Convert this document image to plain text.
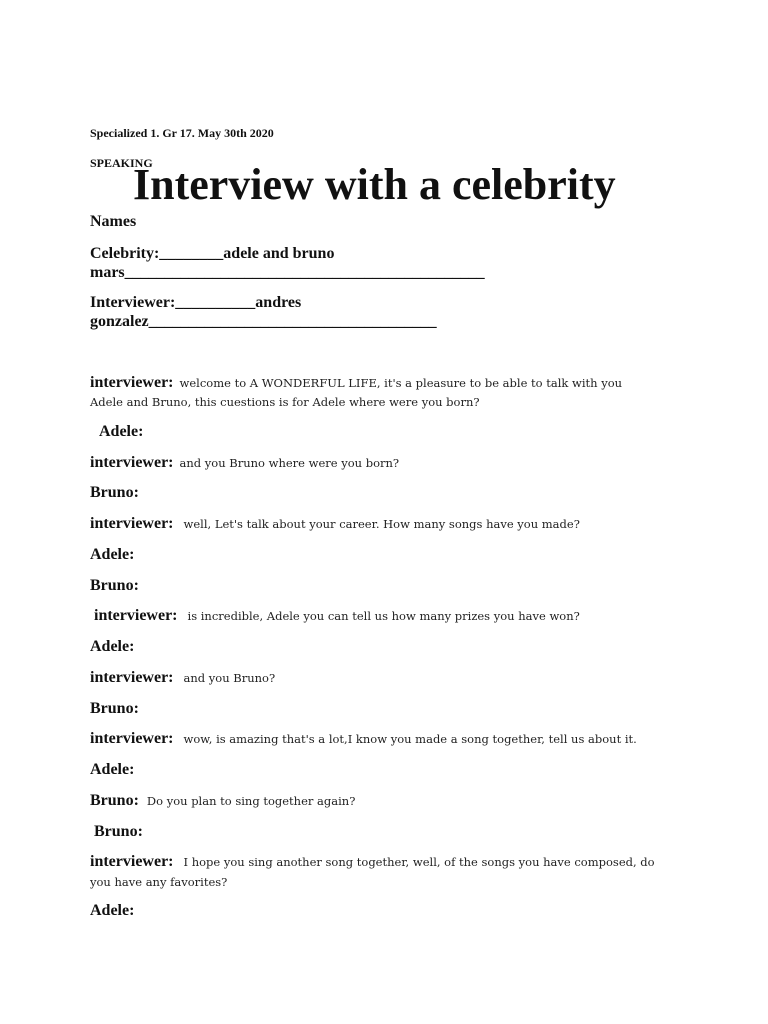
Specialized 1. Gr 17. May 30th 2020
SPEAKING
Interview with a celebrity
Names
Celebrity:________adele and bruno
mars_____________________________________________
Interviewer:__________andres
gonzalez____________________________________
interviewer: welcome to A WONDERFUL LIFE, it's a pleasure to be able to talk with you
Adele and Bruno, this cuestions is for Adele where were you born?
Adele:
interviewer: and you Bruno where were you born?
Bruno:
interviewer: well, Let's talk about your career. How many songs have you made?
Adele:
Bruno:
interviewer: is incredible, Adele you can tell us how many prizes you have won?
Adele:
interviewer: and you Bruno?
Bruno:
interviewer: wow, is amazing that's a lot,I know you made a song together, tell us about it.
Adele:
Bruno: Do you plan to sing together again?
Bruno:
interviewer: I hope you sing another song together, well, of the songs you have composed, do
you have any favorites?
Adele:
